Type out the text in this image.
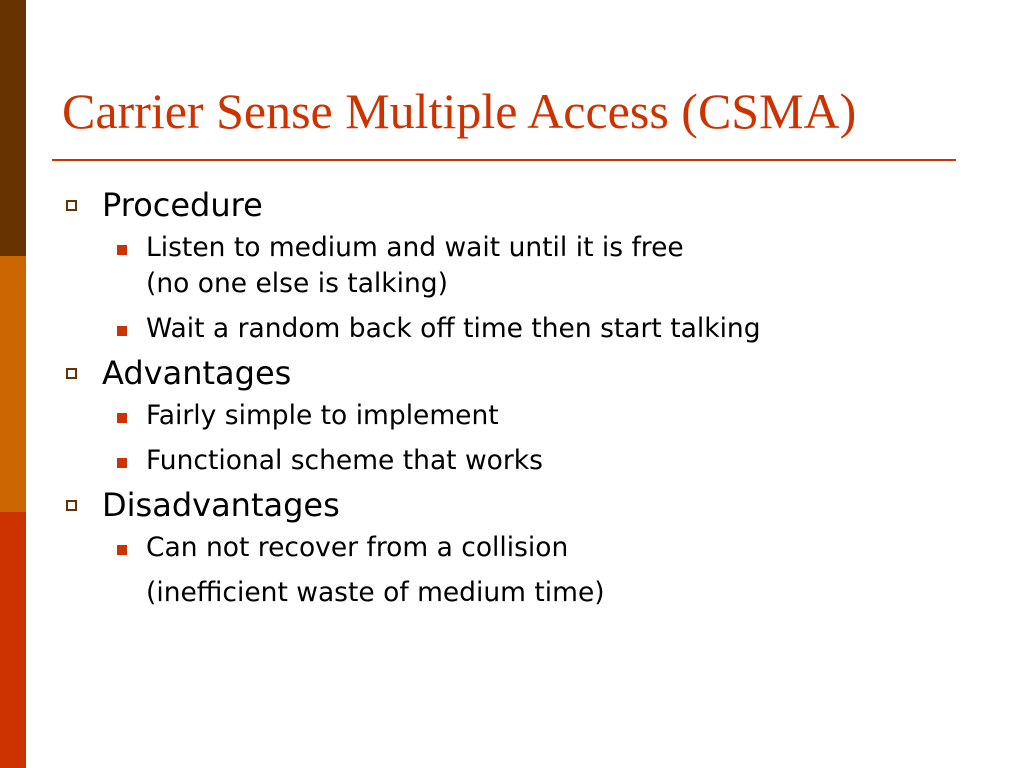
Carrier Sense Multiple Access (CSMA)
Procedure
Listen to medium and wait until it is free
(no one else is talking)
Wait a random back off time then start talking
Advantages
Fairly simple to implement
Functional scheme that works
Disadvantages
Can not recover from a collision
(inefficient waste of medium time)
